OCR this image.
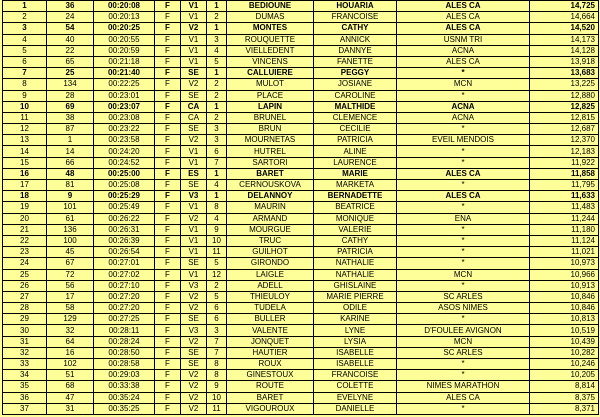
1	36	00:20:08	F	V1	1	BEDIOUNE	HOUARIA	ALES CA	14,725
2	24	00:20:13	F	V1	2	DUMAS	FRANCOISE	ALES CA	14,664
3	54	00:20:25	F	V2	1	MONTES	CATHY	ALES CA	14,520
4	40	00:20:55	F	V1	3	ROUQUETTE	ANNICK	USNM TRI	14,173
5	22	00:20:59	F	V1	4	VIELLEDENT	DANNYE	ACNA	14,128
6	65	00:21:18	F	V1	5	VINCENS	FANETTE	ALES CA	13,918
7	25	00:21:40	F	SE	1	CALLUIERE	PEGGY	*	13,683
8	134	00:22:25	F	V2	2	MULOT	JOSIANE	MCN	13,225
9	28	00:23:01	F	SE	2	PLACE	CAROLINE	*	12,880
10	69	00:23:07	F	CA	1	LAPIN	MALTHIDE	ACNA	12,825
11	38	00:23:08	F	CA	2	BRUNEL	CLEMENCE	ACNA	12,815
12	87	00:23:22	F	SE	3	BRUN	CECILIE	*	12,687
13	1	00:23:58	F	V2	3	MOURNETAS	PATRICIA	EVEIL MENDOIS	12,370
14	14	00:24:20	F	V1	6	HUTREL	ALINE	*	12,183
15	66	00:24:52	F	V1	7	SARTORI	LAURENCE	*	11,922
16	48	00:25:00	F	ES	1	BARET	MARIE	ALES CA	11,858
17	81	00:25:08	F	SE	4	CERNOUSKOVA	MARKETA	*	11,795
18	9	00:25:29	F	V3	1	DELANNOY	BERNADETTE	ALES CA	11,633
19	101	00:25:49	F	V1	8	MAURIN	BEATRICE	*	11,483
20	61	00:26:22	F	V2	4	ARMAND	MONIQUE	ENA	11,244
21	136	00:26:31	F	V1	9	MOURGUE	VALERIE	*	11,180
22	100	00:26:39	F	V1	10	TRUC	CATHY	*	11,124
23	45	00:26:54	F	V1	11	GUILHOT	PATRICIA	*	11,021
24	67	00:27:01	F	SE	5	GIRONDO	NATHALIE	*	10,973
25	72	00:27:02	F	V1	12	LAIGLE	NATHALIE	MCN	10,966
26	56	00:27:10	F	V3	2	ADELL	GHISLAINE	*	10,913
27	17	00:27:20	F	V2	5	THIEULOY	MARIE PIERRE	SC ARLES	10,846
28	58	00:27:20	F	V2	6	TUDELA	ODILE	ASOS NIMES	10,846
29	129	00:27:25	F	SE	6	BULLER	KARINE	*	10,813
30	32	00:28:11	F	V3	3	VALENTE	LYNE	D'FOULEE AVIGNON	10,519
31	64	00:28:24	F	V2	7	JONQUET	LYSIA	MCN	10,439
32	16	00:28:50	F	SE	7	HAUTIER	ISABELLE	SC ARLES	10,282
33	102	00:28:58	F	SE	8	ROUX	ISABELLE	*	10,246
34	51	00:29:03	F	V2	8	GINESTOUX	FRANCOISE	*	10,205
35	68	00:33:38	F	V2	9	ROUTE	COLETTE	NIMES MARATHON	8,814
36	47	00:35:24	F	V2	10	BARET	EVELYNE	ALES CA	8,375
37	31	00:35:25	F	V2	11	VIGOUROUX	DANIELLE	*	8,371
